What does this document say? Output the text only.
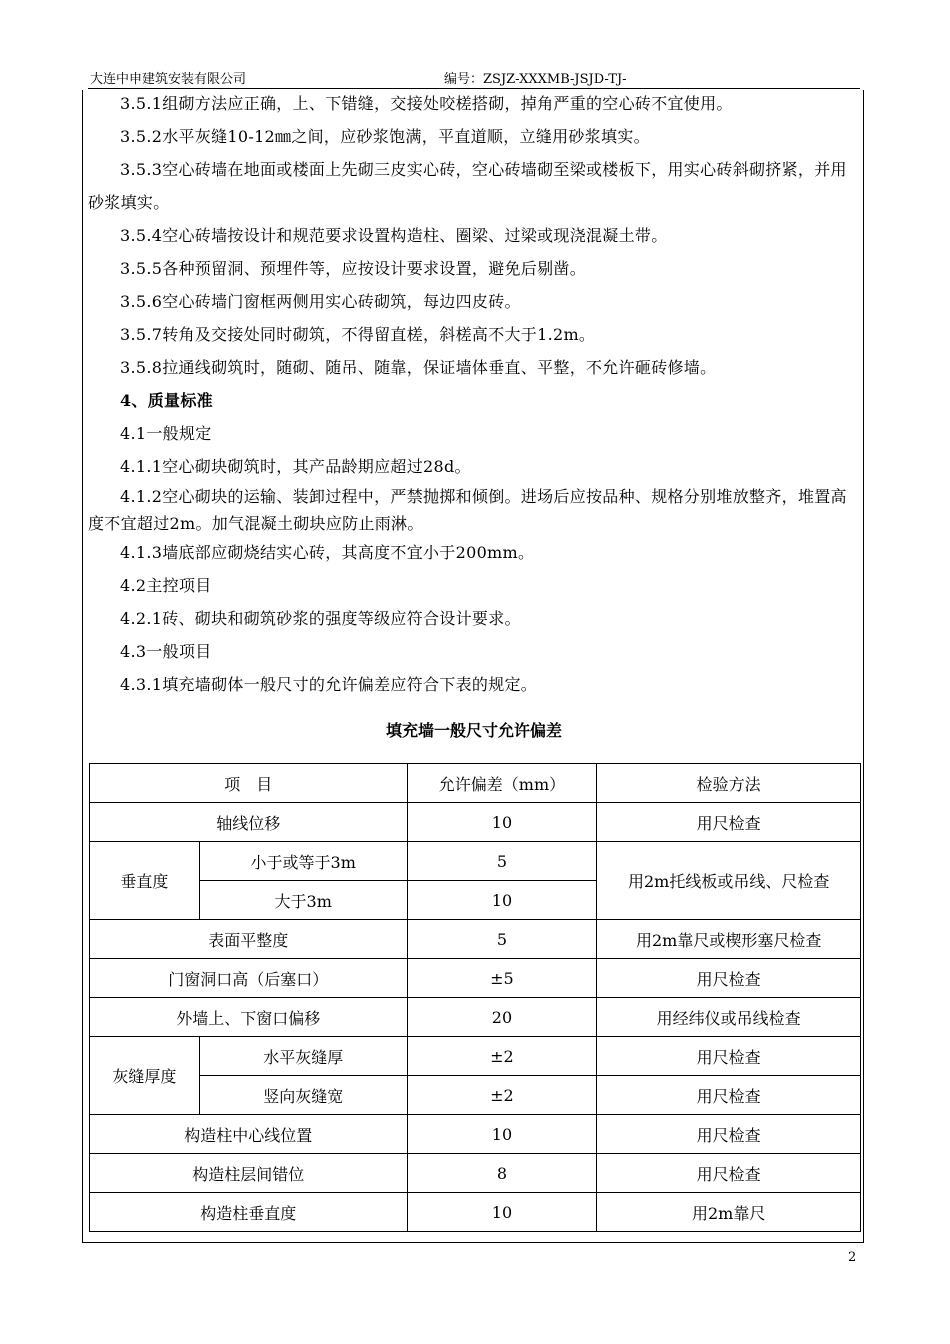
大连中申建筑安装有限公司	编号：ZSJZ-XXXMB-JSJD-TJ-

3.5.1组砌方法应正确，上、下错缝，交接处咬槎搭砌，掉角严重的空心砖不宜使用。

3.5.2水平灰缝10-12㎜之间，应砂浆饱满，平直道顺，立缝用砂浆填实。

3.5.3空心砖墙在地面或楼面上先砌三皮实心砖，空心砖墙砌至梁或楼板下，用实心砖斜砌挤紧，并用砂浆填实。

3.5.4空心砖墙按设计和规范要求设置构造柱、圈梁、过梁或现浇混凝土带。

3.5.5各种预留洞、预埋件等，应按设计要求设置，避免后剔凿。

3.5.6空心砖墙门窗框两侧用实心砖砌筑，每边四皮砖。

3.5.7转角及交接处同时砌筑，不得留直槎，斜槎高不大于1.2m。

3.5.8拉通线砌筑时，随砌、随吊、随靠，保证墙体垂直、平整，不允许砸砖修墙。

4、质量标准

4.1一般规定

4.1.1空心砌块砌筑时，其产品龄期应超过28d。

4.1.2空心砌块的运输、装卸过程中，严禁抛掷和倾倒。进场后应按品种、规格分别堆放整齐，堆置高度不宜超过2m。加气混凝土砌块应防止雨淋。

4.1.3墙底部应砌烧结实心砖，其高度不宜小于200mm。

4.2主控项目

4.2.1砖、砌块和砌筑砂浆的强度等级应符合设计要求。

4.3一般项目

4.3.1填充墙砌体一般尺寸的允许偏差应符合下表的规定。

填充墙一般尺寸允许偏差
项　目		允许偏差（mm）	检验方法
轴线位移		10	用尺检查
垂直度	小于或等于3m	5	用2m托线板或吊线、尺检查
	大于3m	10	
表面平整度		5	用2m靠尺或楔形塞尺检查
门窗洞口高（后塞口）		±5	用尺检查
外墙上、下窗口偏移		20	用经纬仪或吊线检查
灰缝厚度	水平灰缝厚	±2	用尺检查
	竖向灰缝宽	±2	用尺检查
构造柱中心线位置		10	用尺检查
构造柱层间错位		8	用尺检查
构造柱垂直度		10	用2m靠尺
2
